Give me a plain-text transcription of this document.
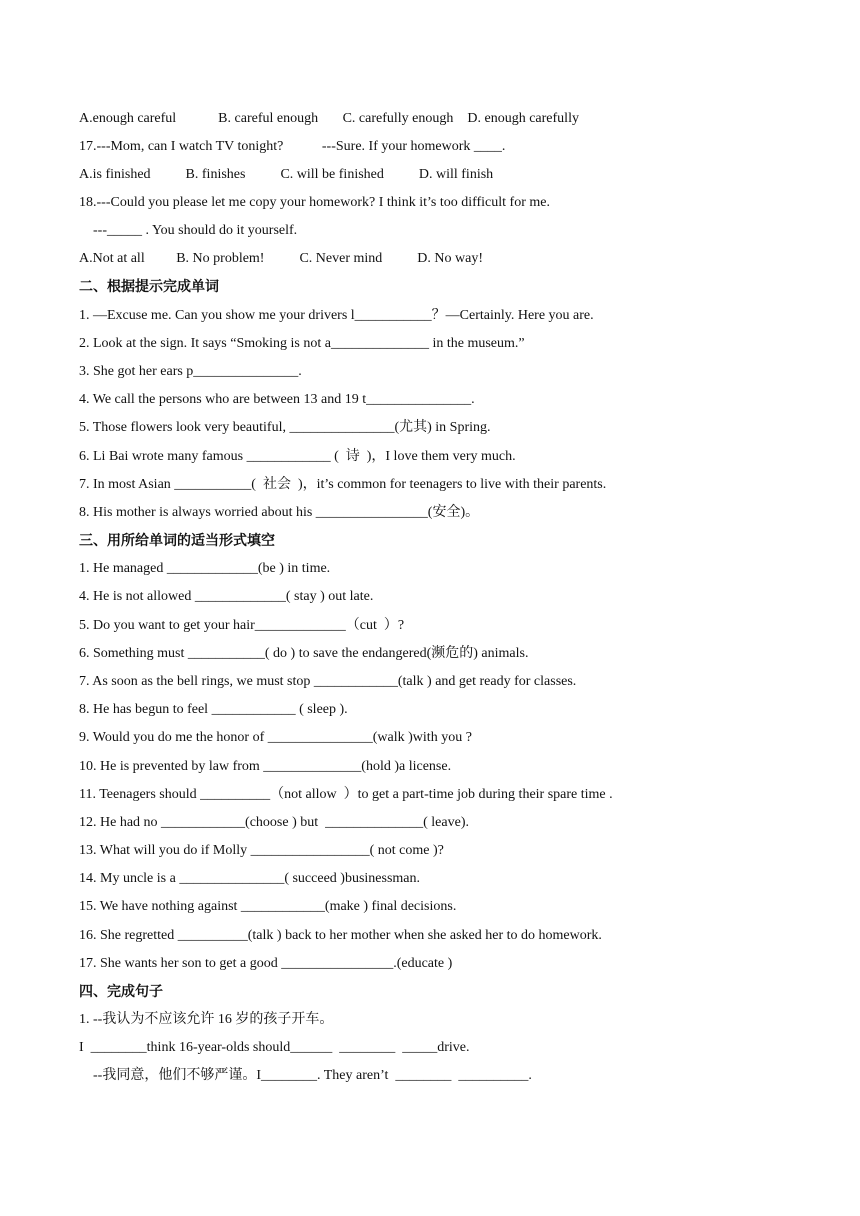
A.enough careful            B. careful enough       C. carefully enough    D. enough carefully
17.---Mom, can I watch TV tonight?           ---Sure. If your homework ____.
A.is finished          B. finishes          C. will be finished          D. will finish
18.---Could you please let me copy your homework? I think it’s too difficult for me.
---_____ . You should do it yourself.
A.Not at all         B. No problem!          C. Never mind          D. No way!
二、根据提示完成单词
1. —Excuse me. Can you show me your drivers l___________？—Certainly. Here you are.
2. Look at the sign. It says “Smoking is not a______________ in the museum.”
3. She got her ears p_______________.
4. We call the persons who are between 13 and 19 t_______________.
5. Those flowers look very beautiful, _______________(尤其) in Spring.
6. Li Bai wrote many famous ____________ (  诗  )，I love them very much.
7. In most Asian ___________(  社会  )，it’s common for teenagers to live with their parents.
8. His mother is always worried about his ________________(安全)。
三、用所给单词的适当形式填空
1. He managed _____________(be ) in time.
4. He is not allowed _____________( stay ) out late.
5. Do you want to get your hair_____________（cut  ）?
6. Something must ___________( do ) to save the endangered(濒危的) animals.
7. As soon as the bell rings, we must stop ____________(talk ) and get ready for classes.
8. He has begun to feel ____________ ( sleep ).
9. Would you do me the honor of _______________(walk )with you ?
10. He is prevented by law from ______________(hold )a license.
11. Teenagers should __________（not allow  ）to get a part-time job during their spare time .
12. He had no ____________(choose ) but  ______________( leave).
13. What will you do if Molly _________________( not come )?
14. My uncle is a _______________( succeed )businessman.
15. We have nothing against ____________(make ) final decisions.
16. She regretted __________(talk ) back to her mother when she asked her to do homework.
17. She wants her son to get a good ________________.(educate )
四、完成句子
1. --我认为不应该允许 16 岁的孩子开车。
I  ________think 16-year-olds should______  ________  _____drive.
--我同意，他们不够严谨。I________. They aren’t  ________  __________.
